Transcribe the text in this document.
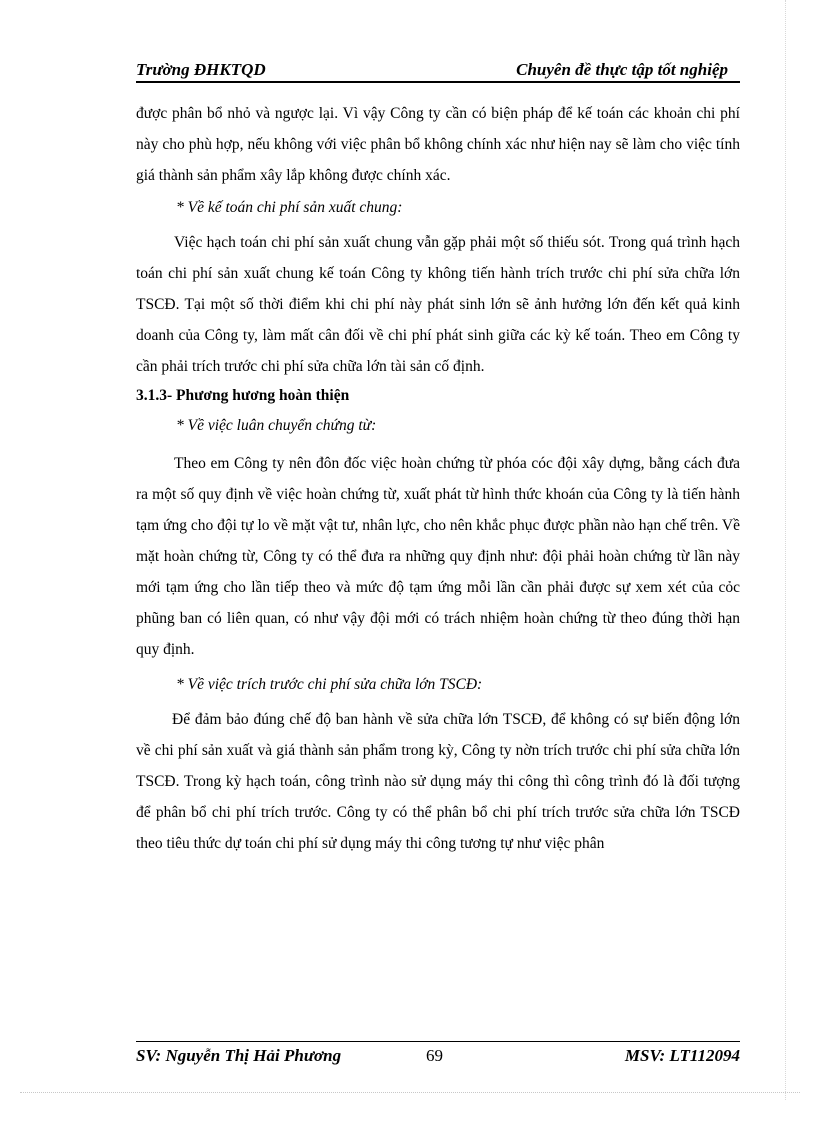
Trường ĐHKTQD	Chuyên đề thực tập tốt nghiệp

được phân bổ nhỏ và ngược lại. Vì vậy Công ty cần có biện pháp để kế toán các khoản chi phí này cho phù hợp, nếu không với việc phân bổ không chính xác như hiện nay sẽ làm cho việc tính giá thành sản phẩm xây lắp không được chính xác.

* Về kế toán chi phí sản xuất chung:

Việc hạch toán chi phí sản xuất chung vẫn gặp phải một số thiếu sót. Trong quá trình hạch toán chi phí sản xuất chung kế toán Công ty không tiến hành trích trước chi phí sửa chữa lớn TSCĐ. Tại một số thời điểm khi chi phí này phát sinh lớn sẽ ảnh hưởng lớn đến kết quả kinh doanh của Công ty, làm mất cân đối về chi phí phát sinh giữa các kỳ kế toán. Theo em Công ty cần phải trích trước chi phí sửa chữa lớn tài sản cố định.

3.1.3- Phương hương hoàn thiện

* Về việc luân chuyển chứng từ:

Theo em Công ty nên đôn đốc việc hoàn chứng từ phóa cóc đội xây dựng, bằng cách đưa ra một số quy định về việc hoàn chứng từ, xuất phát từ hình thức khoán của Công ty là tiến hành tạm ứng cho đội tự lo về mặt vật tư, nhân lực, cho nên khắc phục được phần nào hạn chế trên. Về mặt hoàn chứng từ, Công ty có thể đưa ra những quy định như: đội phải hoàn chứng từ lần này mới tạm ứng cho lần tiếp theo và mức độ tạm ứng mỗi lần cần phải được sự xem xét của cỏc phũng ban có liên quan, có như vậy đội mới có trách nhiệm hoàn chứng từ theo đúng thời hạn quy định.

* Về việc trích trước chi phí sửa chữa lớn TSCĐ:

Để đảm bảo đúng chế độ ban hành về sửa chữa lớn TSCĐ, để không có sự biến động lớn về chi phí sản xuất và giá thành sản phẩm trong kỳ, Công ty nờn trích trước chi phí sửa chữa lớn TSCĐ. Trong kỳ hạch toán, công trình nào sử dụng máy thi công thì công trình đó là đối tượng để phân bổ chi phí trích trước. Công ty có thể phân bổ chi phí trích trước sửa chữa lớn TSCĐ theo tiêu thức dự toán chi phí sử dụng máy thi công tương tự như việc phân

SV: Nguyễn Thị Hải Phương	69	MSV: LT112094
